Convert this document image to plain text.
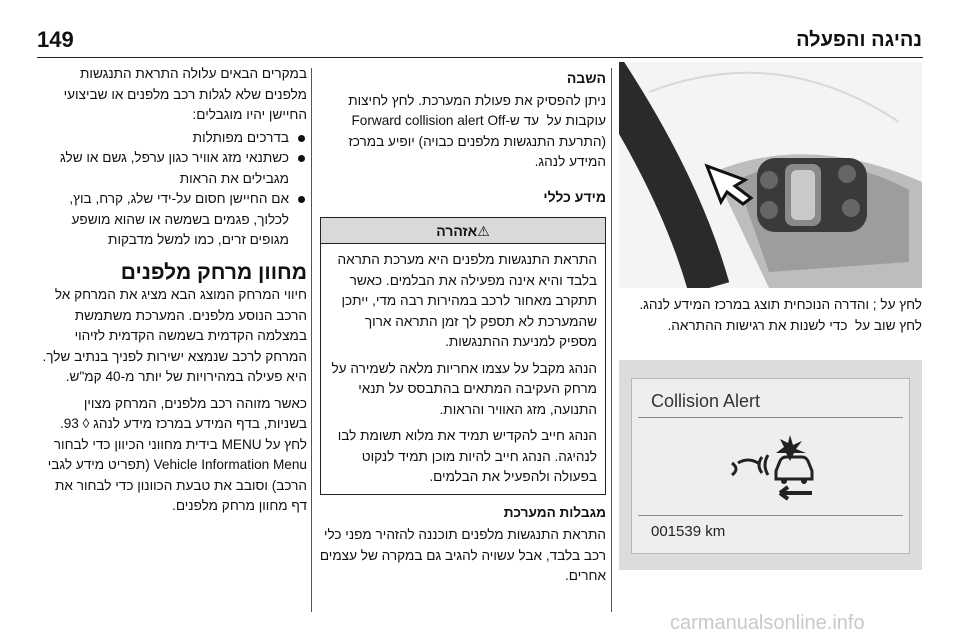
149	נהיגה והפעלה
לחץ על ‎; והדרה הנוכחית תוצג במרכז המידע לנהג. לחץ שוב על כדי לשנות את רגישות ההתראה.
Collision Alert
001539 km
השבה
ניתן להפסיק את פעולת המערכת. לחץ לחיצות עוקבות על עד ש-Forward collision alert Off (התרעת התנגשות מלפנים כבויה) יופיע במרכז המידע לנהג.
מידע כללי
⚠אזהרה

התראת התנגשות מלפנים היא מערכת התראה בלבד והיא אינה מפעילה את הבלמים. כאשר תתקרב מאחור לרכב במהירות רבה מדי, ייתכן שהמערכת לא תספק לך זמן התראה ארוך מספיק למניעת ההתנגשות.

הנהג מקבל על עצמו אחריות מלאה לשמירה על מרחק העקיבה המתאים בהתבסס על תנאי התנועה, מזג האוויר והראות.

הנהג חייב להקדיש תמיד את מלוא תשומת לבו לנהיגה. הנהג חייב להיות מוכן תמיד לנקוט בפעולה ולהפעיל את הבלמים.

מגבלות המערכת
התראת התנגשות מלפנים תוכננה להזהיר מפני כלי רכב בלבד, אבל עשויה להגיב גם במקרה של עצמים אחרים.
במקרים הבאים עלולה התראת התנגשות מלפנים שלא לגלות רכב מלפנים או שביצועי החיישן יהיו מוגבלים:
בדרכים מפותלות
כשתנאי מזג אוויר כגון ערפל, גשם או שלג מגבילים את הראות
אם החיישן חסום על-ידי שלג, קרח, בוץ, לכלוך, פגמים בשמשה או שהוא מושפע מגופים זרים, כמו למשל מדבקות
מחוון מרחק מלפנים
חיווי המרחק המוצג הבא מציג את המרחק אל הרכב הנוסע מלפנים. המערכת משתמשת במצלמה הקדמית בשמשה הקדמית לזיהוי המרחק לרכב שנמצא ישירות לפניך בנתיב שלך. היא פעילה במהירויות של יותר מ-40 קמ"ש.
כאשר מזוהה רכב מלפנים, המרחק מצוין בשניות, בדף המידע במרכז מידע לנהג ◊ 93. לחץ על MENU בידית מחווני הכיוון כדי לבחור Vehicle Information Menu (תפריט מידע לגבי הרכב) וסובב את טבעת הכוונון כדי לבחור את דף מחוון מרחק מלפנים.
carmanualsonline.info
